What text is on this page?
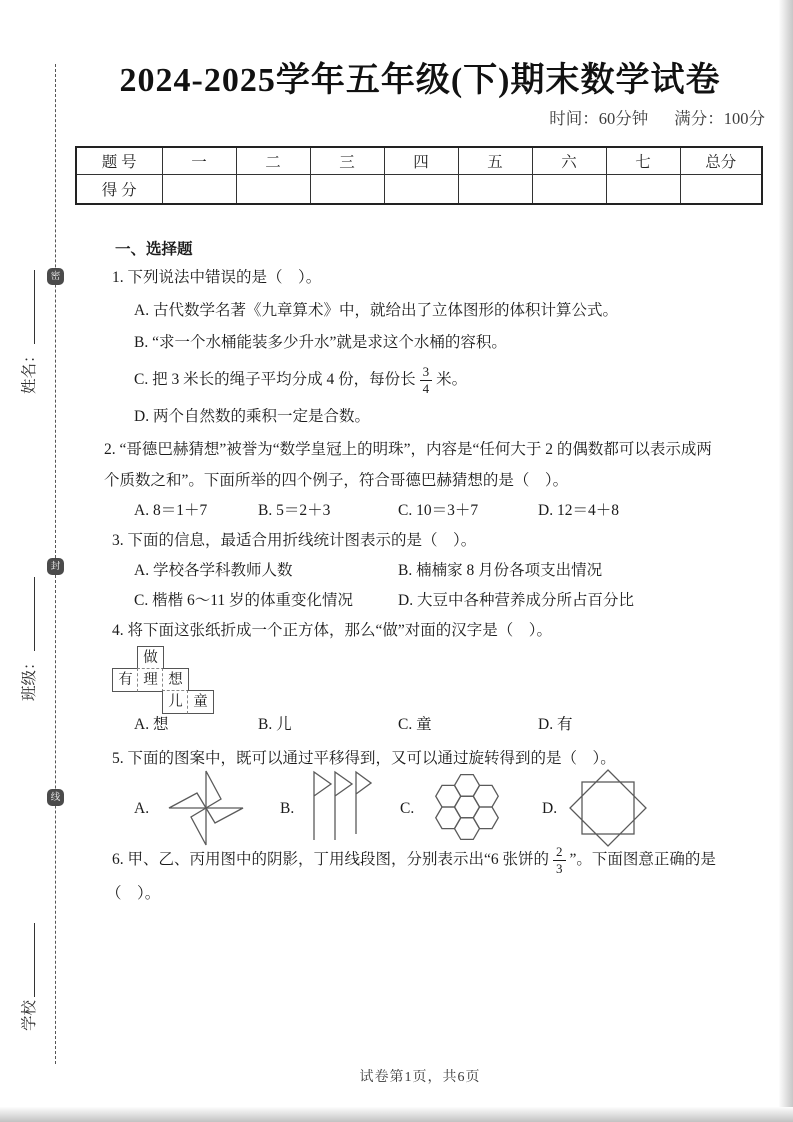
密
封
线
姓名：
班级：
学校
2024-2025学年五年级(下)期末数学试卷
时间：60分钟 满分：100分
题 号	一	二	三	四	五	六	七	总分
得 分								
一、选择题
1. 下列说法中错误的是（　）。
A. 古代数学名著《九章算术》中，就给出了立体图形的体积计算公式。
B. “求一个水桶能装多少升水”就是求这个水桶的容积。
C. 把 3 米长的绳子平均分成 4 份，每份长 $\frac{3}{4}$ 米。
D. 两个自然数的乘积一定是合数。
2. “哥德巴赫猜想”被誉为“数学皇冠上的明珠”，内容是“任何大于 2 的偶数都可以表示成两
个质数之和”。下面所举的四个例子，符合哥德巴赫猜想的是（　）。
A. 8＝1＋7	B. 5＝2＋3	C. 10＝3＋7	D. 12＝4＋8
3. 下面的信息，最适合用折线统计图表示的是（　）。
A. 学校各学科教师人数	B. 楠楠家 8 月份各项支出情况
C. 楷楷 6～11 岁的体重变化情况	D. 大豆中各种营养成分所占百分比
4. 将下面这张纸折成一个正方体，那么“做”对面的汉字是（　）。
做
有 理 想
儿 童
A. 想	B. 儿	C. 童	D. 有
5. 下面的图案中，既可以通过平移得到，又可以通过旋转得到的是（　）。
A.	B.	C.	D.
6. 甲、乙、丙用图中的阴影，丁用线段图，分别表示出“6 张饼的 $\frac{2}{3}$ ”。下面图意正确的是
（　）。
试卷第1页，共6页
